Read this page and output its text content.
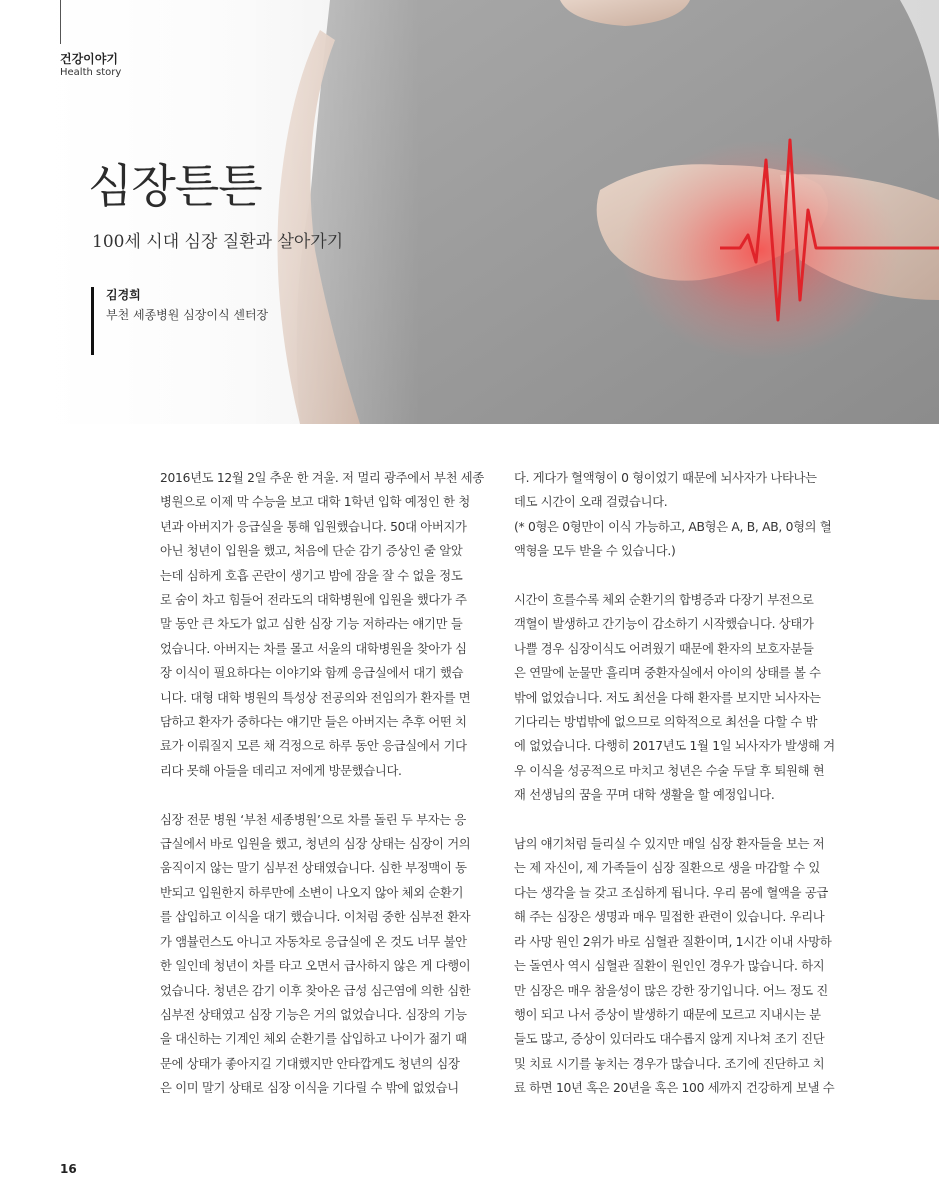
건강이야기
Health story
심장튼튼
100세 시대 심장 질환과 살아가기
김경희
부천 세종병원 심장이식 센터장

2016년도 12월 2일 추운 한 겨울. 저 멀리 광주에서 부천 세종
병원으로 이제 막 수능을 보고 대학 1학년 입학 예정인 한 청
년과 아버지가 응급실을 통해 입원했습니다. 50대 아버지가
아닌 청년이 입원을 했고, 처음에 단순 감기 증상인 줄 알았
는데 심하게 호흡 곤란이 생기고 밤에 잠을 잘 수 없을 정도
로 숨이 차고 힘들어 전라도의 대학병원에 입원을 했다가 주
말 동안 큰 차도가 없고 심한 심장 기능 저하라는 얘기만 들
었습니다. 아버지는 차를 몰고 서울의 대학병원을 찾아가 심
장 이식이 필요하다는 이야기와 함께 응급실에서 대기 했습
니다. 대형 대학 병원의 특성상 전공의와 전임의가 환자를 면
담하고 환자가 중하다는 얘기만 들은 아버지는 추후 어떤 치
료가 이뤄질지 모른 채 걱정으로 하루 동안 응급실에서 기다
리다 못해 아들을 데리고 저에게 방문했습니다.

심장 전문 병원 ‘부천 세종병원’으로 차를 돌린 두 부자는 응
급실에서 바로 입원을 했고, 청년의 심장 상태는 심장이 거의
움직이지 않는 말기 심부전 상태였습니다. 심한 부정맥이 동
반되고 입원한지 하루만에 소변이 나오지 않아 체외 순환기
를 삽입하고 이식을 대기 했습니다. 이처럼 중한 심부전 환자
가 앰뷸런스도 아니고 자동차로 응급실에 온 것도 너무 불안
한 일인데 청년이 차를 타고 오면서 급사하지 않은 게 다행이
었습니다. 청년은 감기 이후 찾아온 급성 심근염에 의한 심한
심부전 상태였고 심장 기능은 거의 없었습니다. 심장의 기능
을 대신하는 기계인 체외 순환기를 삽입하고 나이가 젊기 때
문에 상태가 좋아지길 기대했지만 안타깝게도 청년의 심장
은 이미 말기 상태로 심장 이식을 기다릴 수 밖에 없었습니

다. 게다가 혈액형이 0 형이었기 때문에 뇌사자가 나타나는
데도 시간이 오래 걸렸습니다.
(* 0형은 0형만이 이식 가능하고, AB형은 A, B, AB, 0형의 혈
액형을 모두 받을 수 있습니다.)

시간이 흐를수록 체외 순환기의 합병증과 다장기 부전으로
객혈이 발생하고 간기능이 감소하기 시작했습니다. 상태가
나쁠 경우 심장이식도 어려웠기 때문에 환자의 보호자분들
은 연말에 눈물만 흘리며 중환자실에서 아이의 상태를 볼 수
밖에 없었습니다. 저도 최선을 다해 환자를 보지만 뇌사자는
기다리는 방법밖에 없으므로 의학적으로 최선을 다할 수 밖
에 없었습니다. 다행히 2017년도 1월 1일 뇌사자가 발생해 겨
우 이식을 성공적으로 마치고 청년은 수술 두달 후 퇴원해 현
재 선생님의 꿈을 꾸며 대학 생활을 할 예정입니다.

남의 얘기처럼 들리실 수 있지만 매일 심장 환자들을 보는 저
는 제 자신이, 제 가족들이 심장 질환으로 생을 마감할 수 있
다는 생각을 늘 갖고 조심하게 됩니다. 우리 몸에 혈액을 공급
해 주는 심장은 생명과 매우 밀접한 관련이 있습니다. 우리나
라 사망 원인 2위가 바로 심혈관 질환이며, 1시간 이내 사망하
는 돌연사 역시 심혈관 질환이 원인인 경우가 많습니다. 하지
만 심장은 매우 참을성이 많은 강한 장기입니다. 어느 정도 진
행이 되고 나서 증상이 발생하기 때문에 모르고 지내시는 분
들도 많고, 증상이 있더라도 대수롭지 않게 지나쳐 조기 진단
및 치료 시기를 놓치는 경우가 많습니다. 조기에 진단하고 치
료 하면 10년 혹은 20년을 혹은 100 세까지 건강하게 보낼 수

16
